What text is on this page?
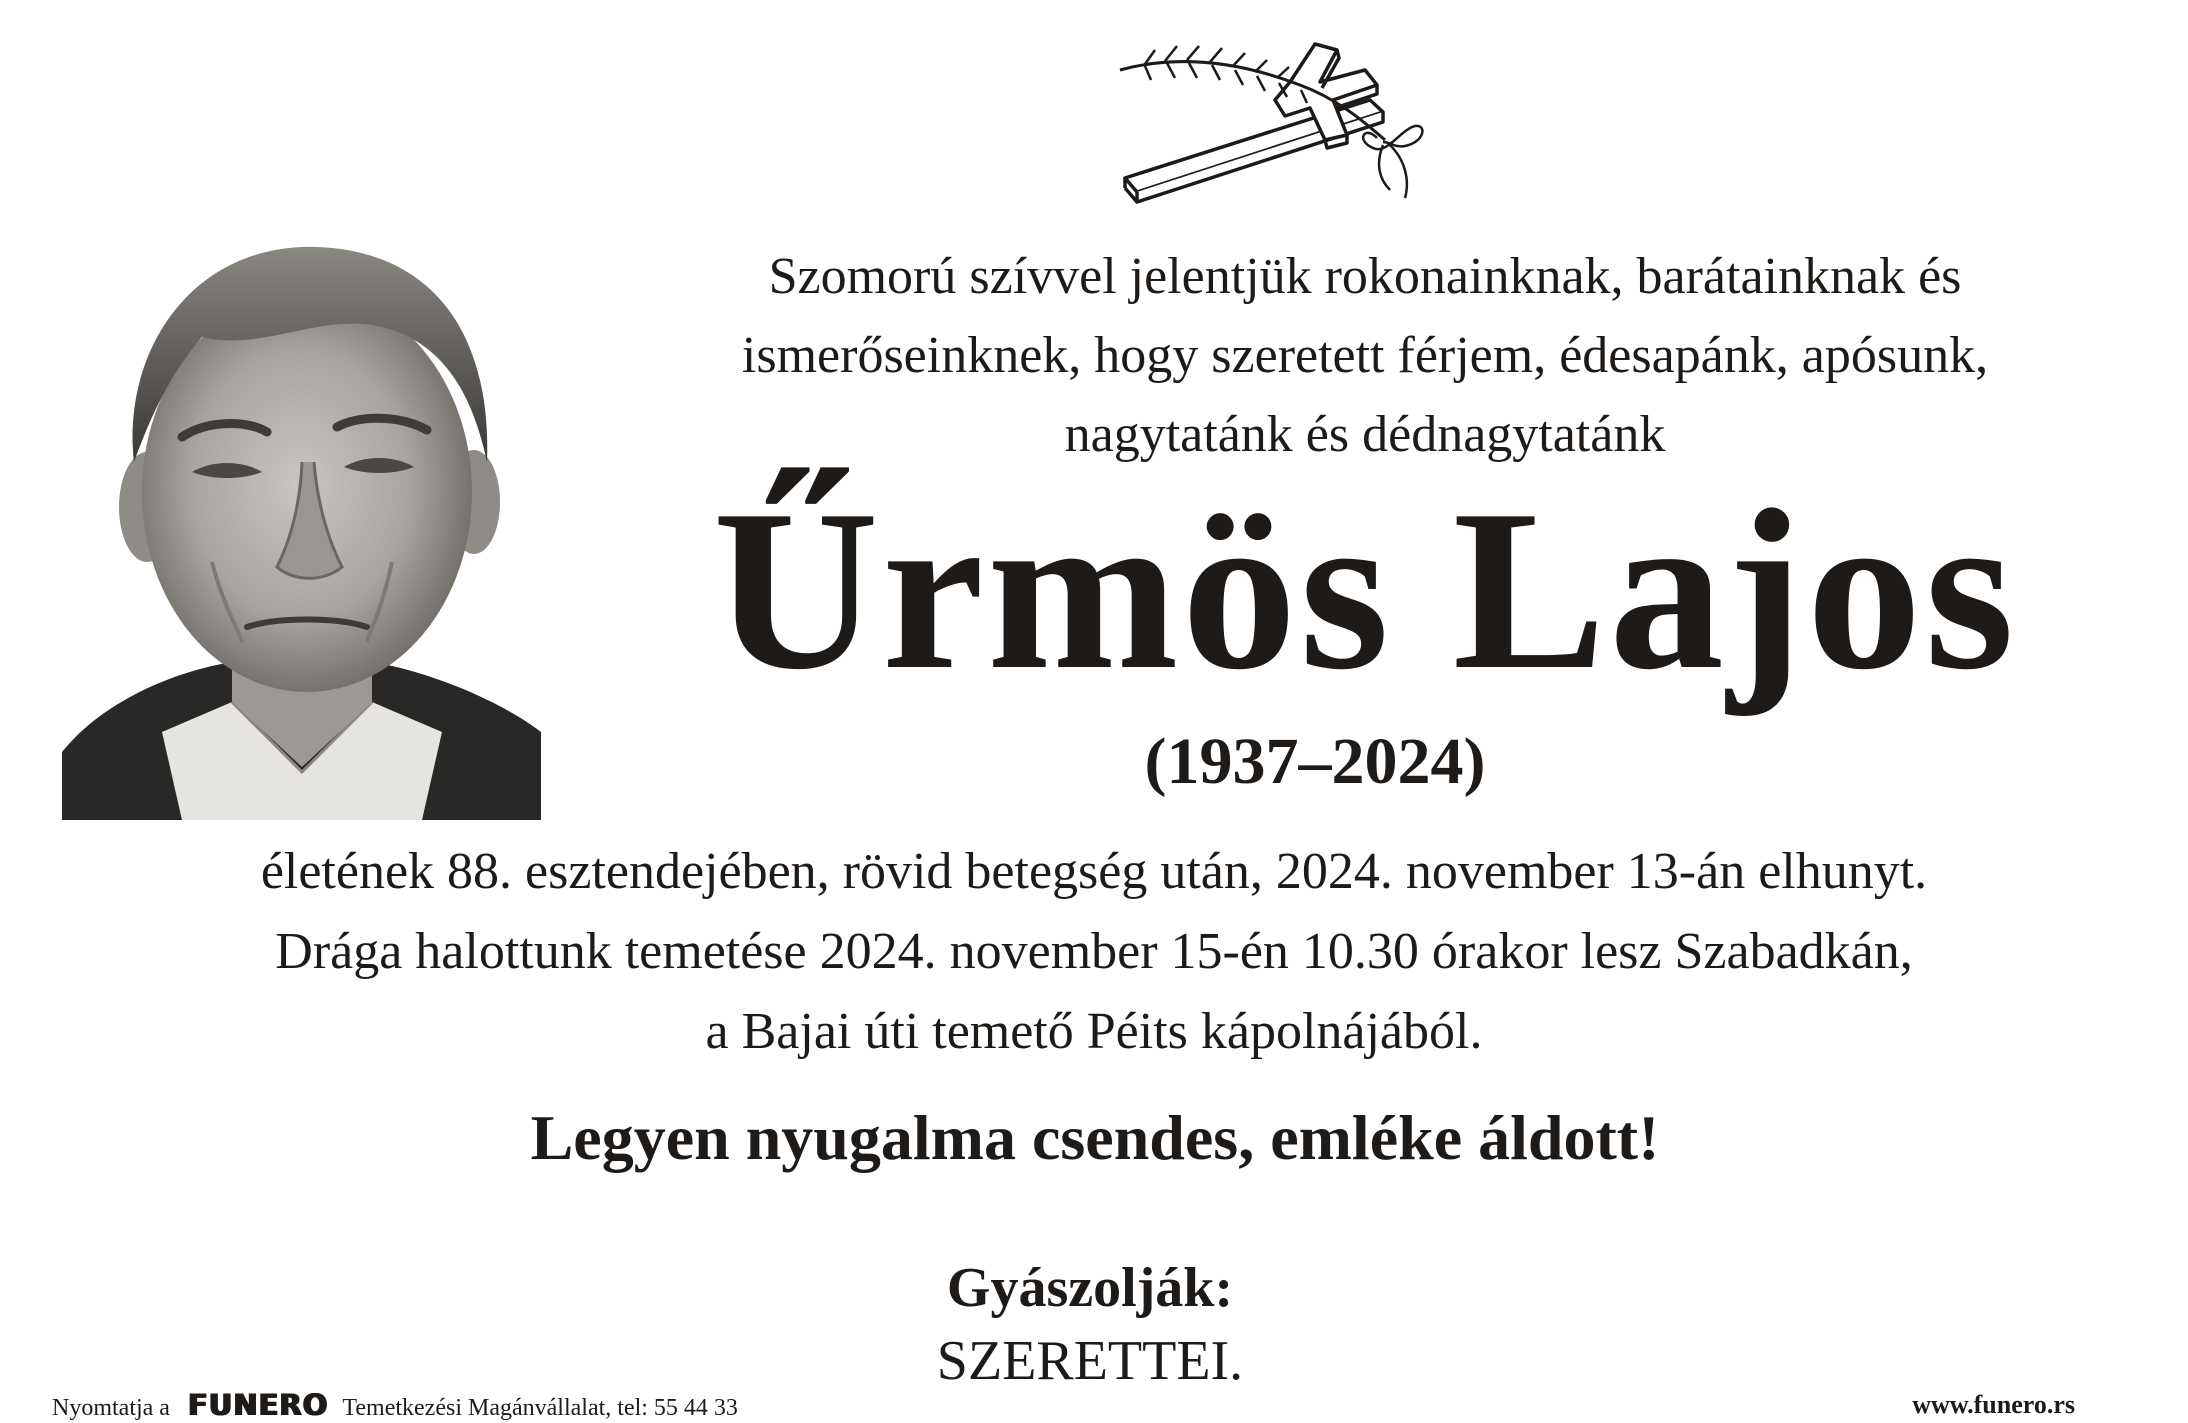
Szomorú szívvel jelentjük rokonainknak, barátainknak és
ismerőseinknek, hogy szeretett férjem, édesapánk, apósunk,
nagytatánk és dédnagytatánk
Űrmös Lajos
(1937–2024)
életének 88. esztendejében, rövid betegség után, 2024. november 13-án elhunyt.
Drága halottunk temetése 2024. november 15-én 10.30 órakor lesz Szabadkán,
a Bajai úti temető Péits kápolnájából.
Legyen nyugalma csendes, emléke áldott!
Gyászolják:
SZERETTEI.
Nyomtatja a FUNERO Temetkezési Magánvállalat, tel: 55 44 33	www.funero.rs
